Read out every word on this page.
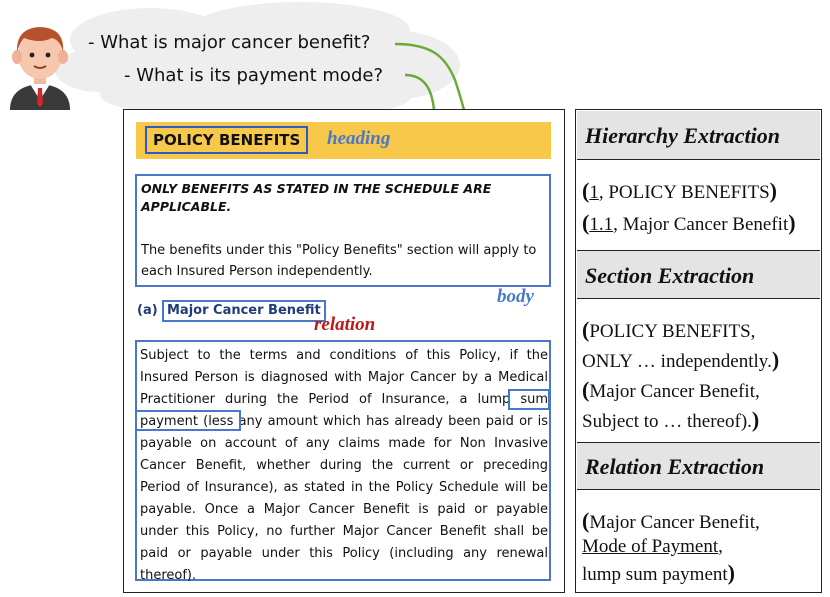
- What is major cancer benefit?
- What is its payment mode?
POLICY BENEFITS	heading
ONLY BENEFITS AS STATED IN THE SCHEDULE ARE APPLICABLE.
The benefits under this "Policy Benefits" section will apply to each Insured Person independently.
body
(a) Major Cancer Benefit
relation
Subject to the terms and conditions of this Policy, if the Insured Person is diagnosed with Major Cancer by a Medical Practitioner during the Period of Insurance, a lump sum payment (less any amount which has already been paid or is payable on account of any claims made for Non Invasive Cancer Benefit, whether during the current or preceding Period of Insurance), as stated in the Policy Schedule will be payable. Once a Major Cancer Benefit is paid or payable under this Policy, no further Major Cancer Benefit shall be paid or payable under this Policy (including any renewal thereof).
Hierarchy Extraction
(1, POLICY BENEFITS)
(1.1, Major Cancer Benefit)
Section Extraction
(POLICY BENEFITS,
ONLY … independently.)
(Major Cancer Benefit,
Subject to … thereof).)
Relation Extraction
(Major Cancer Benefit,
Mode of Payment,
lump sum payment)
